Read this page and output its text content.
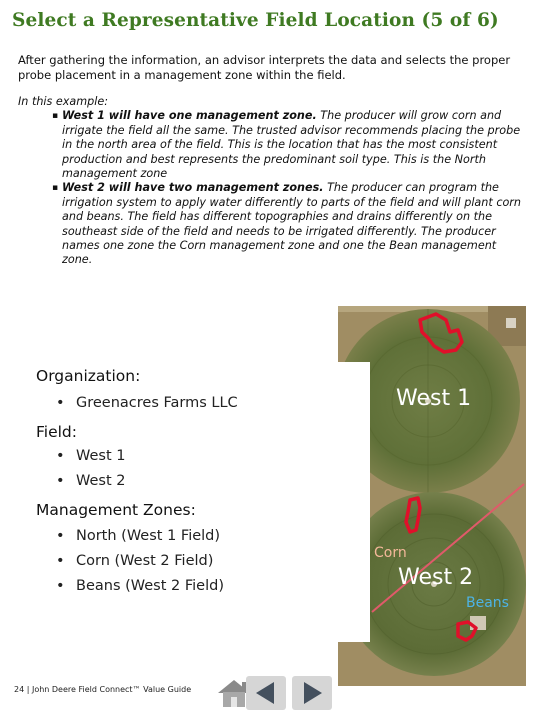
Select a Representative Field Location (5 of 6)

After gathering the information, an advisor interprets the data and selects the proper probe placement in a management zone within the field.

In this example:
▪ West 1 will have one management zone. The producer will grow corn and irrigate the field all the same. The trusted advisor recommends placing the probe in the north area of the field. This is the location that has the most consistent production and best represents the predominant soil type. This is the North management zone
▪ West 2 will have two management zones. The producer can program the irrigation system to apply water differently to parts of the field and will plant corn and beans. The field has different topographies and drains differently on the southeast side of the field and needs to be irrigated differently. The producer names one zone the Corn management zone and one the Bean management zone.
Organization:
• Greenacres Farms LLC
Field:
• West 1
• West 2
Management Zones:
• North (West 1 Field)
• Corn (West 2 Field)
• Beans (West 2 Field)
West 1
Corn
West 2
Beans
24 | John Deere Field Connect™ Value Guide
